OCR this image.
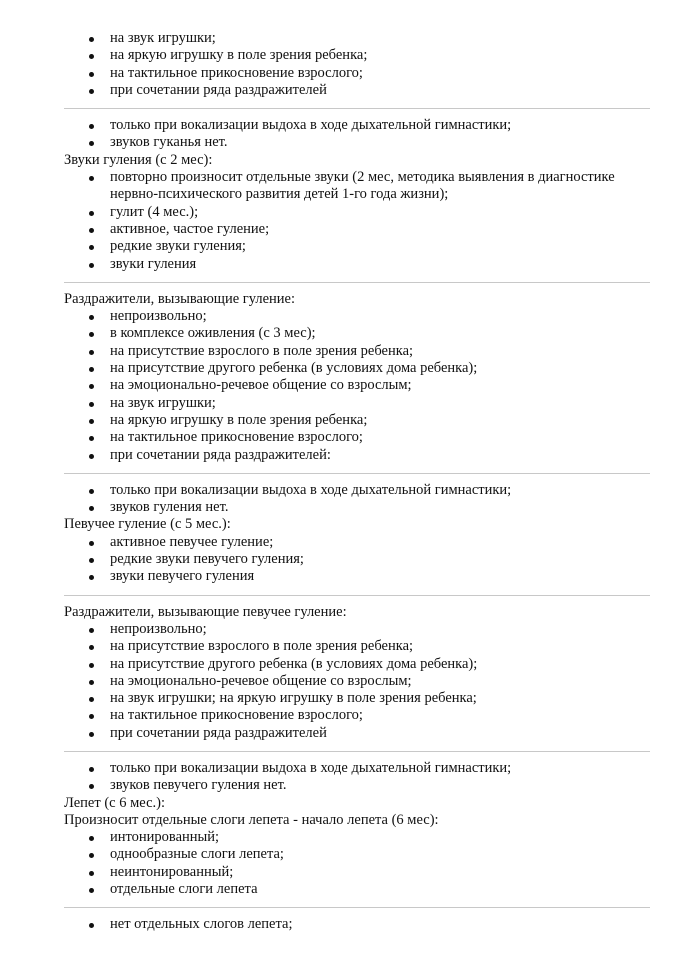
на звук игрушки;
на яркую игрушку в поле зрения ребенка;
на тактильное прикосновение взрослого;
при сочетании ряда раздражителей
только при вокализации выдоха в ходе дыхательной гимнастики;
звуков гуканья нет.

Звуки гуления (с 2 мес):

повторно произносит отдельные звуки (2 мес, методика выявления в диагностике нервно-психического развития детей 1-го года жизни);
гулит (4 мес.);
активное, частое гуление;
редкие звуки гуления;
звуки гуления

Раздражители, вызывающие гуление:

непроизвольно;
в комплексе оживления (с 3 мес);
на присутствие взрослого в поле зрения ребенка;
на присутствие другого ребенка (в условиях дома ребенка);
на эмоционально-речевое общение со взрослым;
на звук игрушки;
на яркую игрушку в поле зрения ребенка;
на тактильное прикосновение взрослого;
при сочетании ряда раздражителей:
только при вокализации выдоха в ходе дыхательной гимнастики;
звуков гуления нет.

Певучее гуление (с 5 мес.):

активное певучее гуление;
редкие звуки певучего гуления;
звуки певучего гуления

Раздражители, вызывающие певучее гуление:

непроизвольно;
на присутствие взрослого в поле зрения ребенка;
на присутствие другого ребенка (в условиях дома ребенка);
на эмоционально-речевое общение со взрослым;
на звук игрушки; на яркую игрушку в поле зрения ребенка;
на тактильное прикосновение взрослого;
при сочетании ряда раздражителей
только при вокализации выдоха в ходе дыхательной гимнастики;
звуков певучего гуления нет.

Лепет (с 6 мес.):

Произносит отдельные слоги лепета - начало лепета (6 мес):

интонированный;
однообразные слоги лепета;
неинтонированный;
отдельные слоги лепета
нет отдельных слогов лепета;
